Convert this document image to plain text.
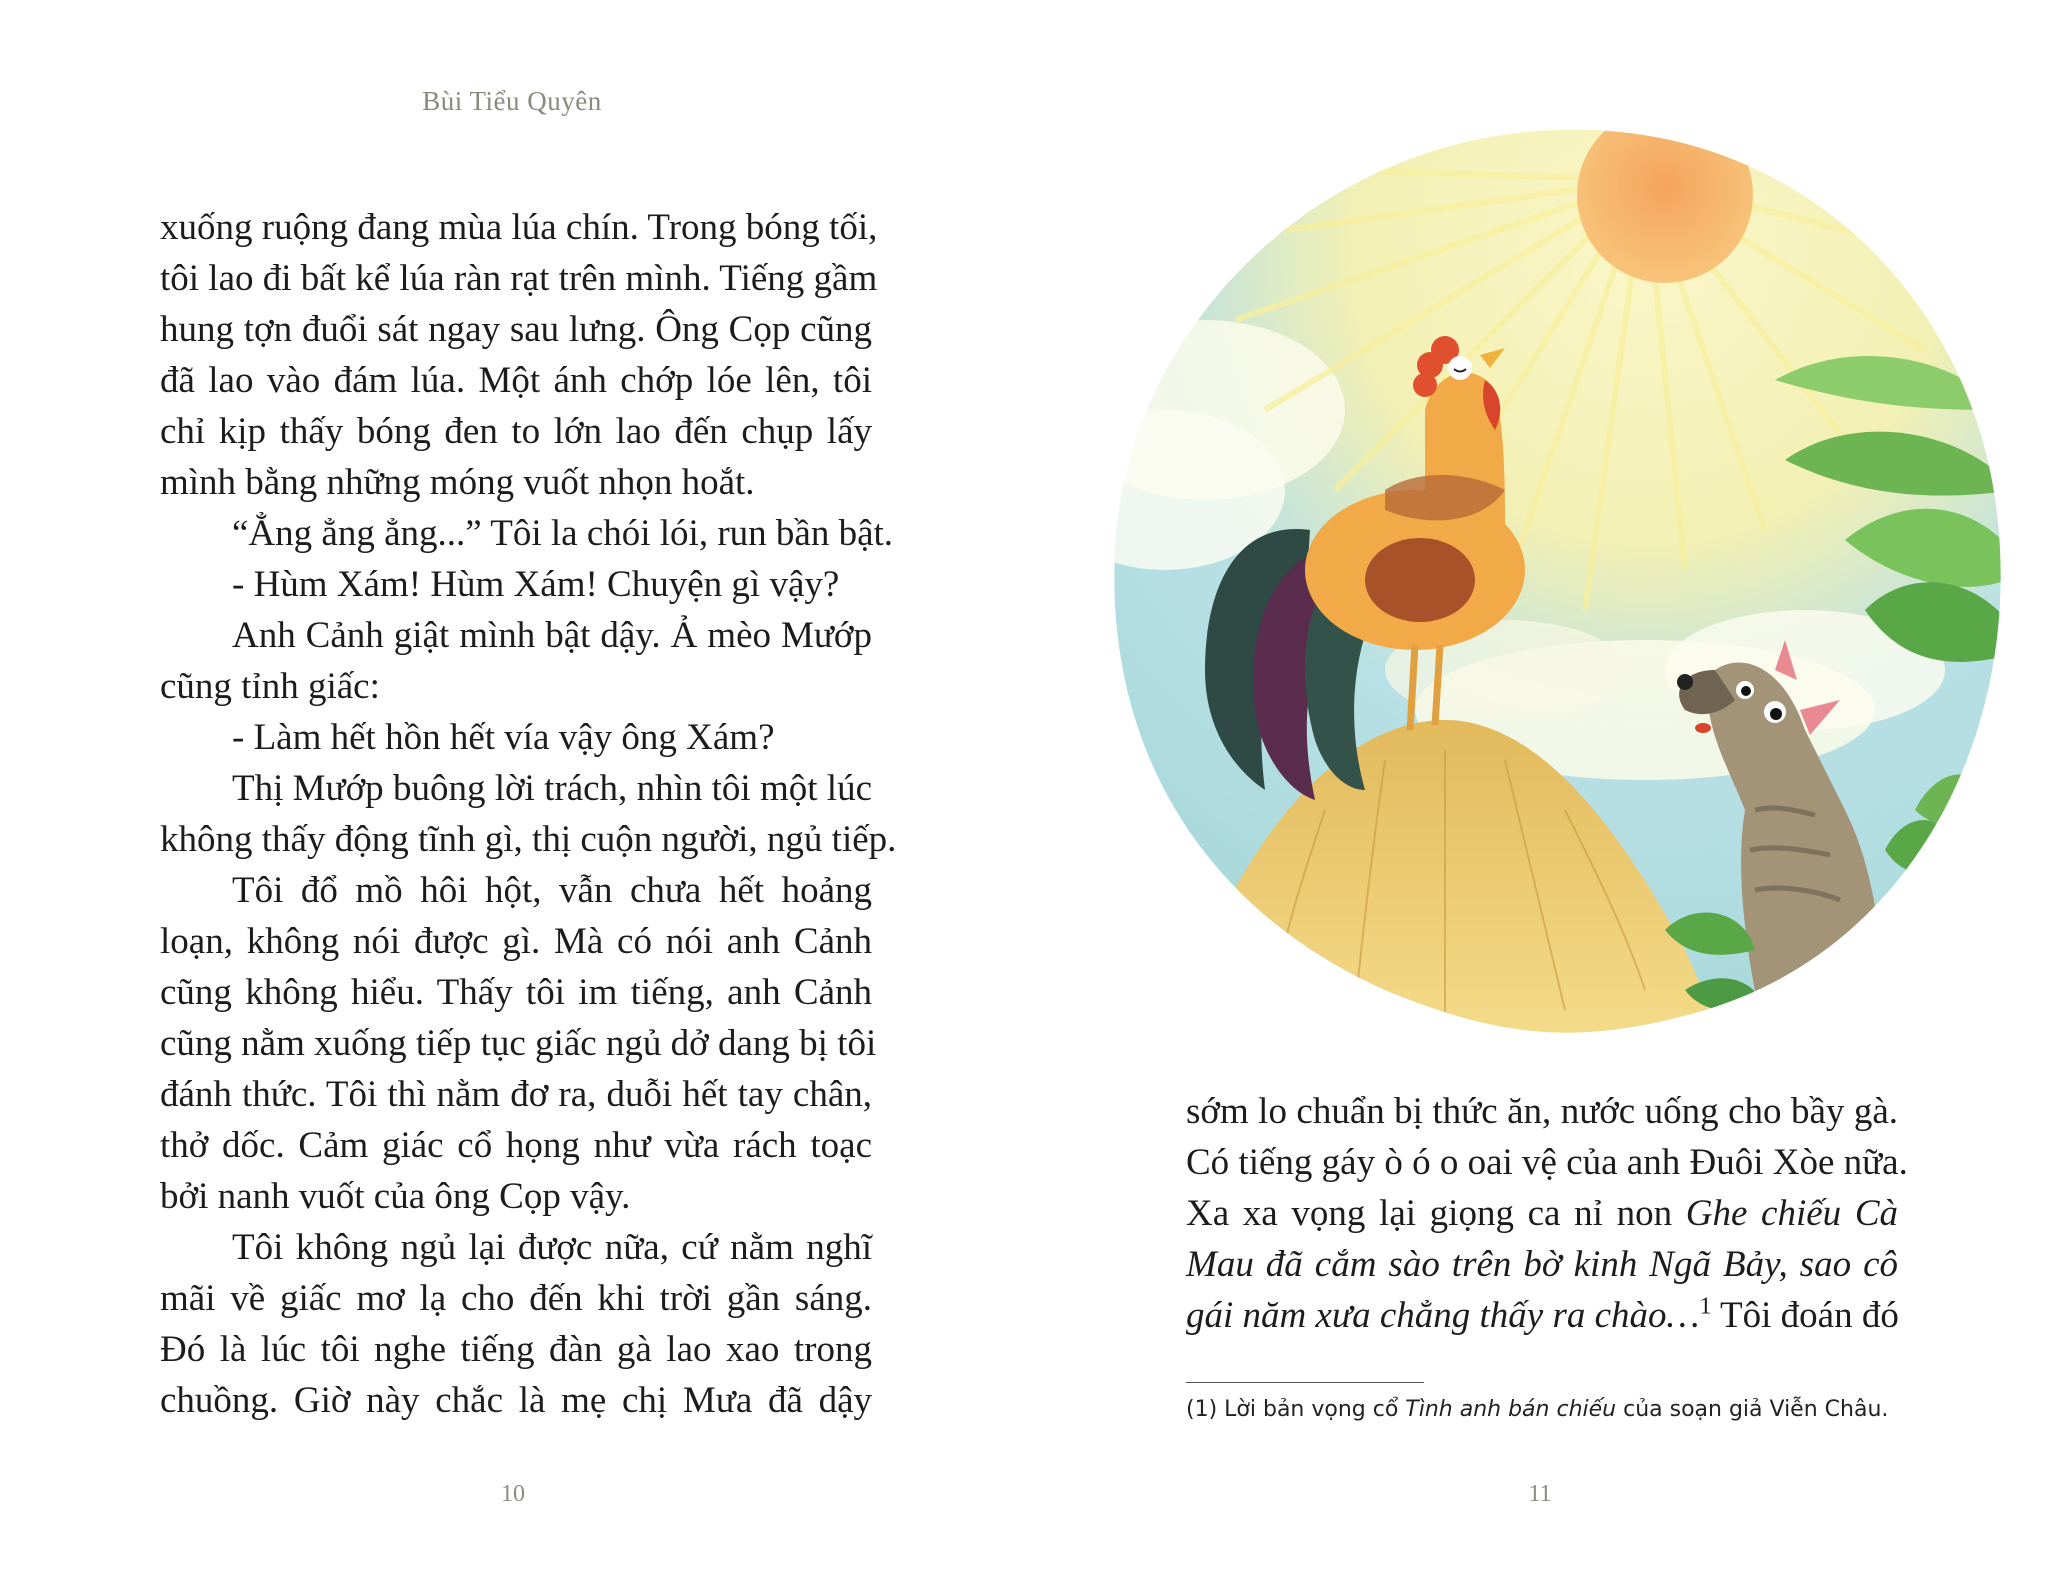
Bùi Tiểu Quyên
xuống ruộng đang mùa lúa chín. Trong bóng tối,
tôi lao đi bất kể lúa ràn rạt trên mình. Tiếng gầm
hung tợn đuổi sát ngay sau lưng. Ông Cọp cũng
đã lao vào đám lúa. Một ánh chớp lóe lên, tôi
chỉ kịp thấy bóng đen to lớn lao đến chụp lấy
mình bằng những móng vuốt nhọn hoắt.
“Ẳng ẳng ẳng...” Tôi la chói lói, run bần bật.
- Hùm Xám! Hùm Xám! Chuyện gì vậy?
Anh Cảnh giật mình bật dậy. Ả mèo Mướp
cũng tỉnh giấc:
- Làm hết hồn hết vía vậy ông Xám?
Thị Mướp buông lời trách, nhìn tôi một lúc
không thấy động tĩnh gì, thị cuộn người, ngủ tiếp.
Tôi đổ mồ hôi hột, vẫn chưa hết hoảng
loạn, không nói được gì. Mà có nói anh Cảnh
cũng không hiểu. Thấy tôi im tiếng, anh Cảnh
cũng nằm xuống tiếp tục giấc ngủ dở dang bị tôi
đánh thức. Tôi thì nằm đơ ra, duỗi hết tay chân,
thở dốc. Cảm giác cổ họng như vừa rách toạc
bởi nanh vuốt của ông Cọp vậy.
Tôi không ngủ lại được nữa, cứ nằm nghĩ
mãi về giấc mơ lạ cho đến khi trời gần sáng.
Đó là lúc tôi nghe tiếng đàn gà lao xao trong
chuồng. Giờ này chắc là mẹ chị Mưa đã dậy
10
sớm lo chuẩn bị thức ăn, nước uống cho bầy gà.
Có tiếng gáy ò ó o oai vệ của anh Đuôi Xòe nữa.
Xa xa vọng lại giọng ca nỉ non Ghe chiếu Cà
Mau đã cắm sào trên bờ kinh Ngã Bảy, sao cô
gái năm xưa chẳng thấy ra chào…$^1$ Tôi đoán đó
(1) Lời bản vọng cổ Tình anh bán chiếu của soạn giả Viễn Châu.
11
